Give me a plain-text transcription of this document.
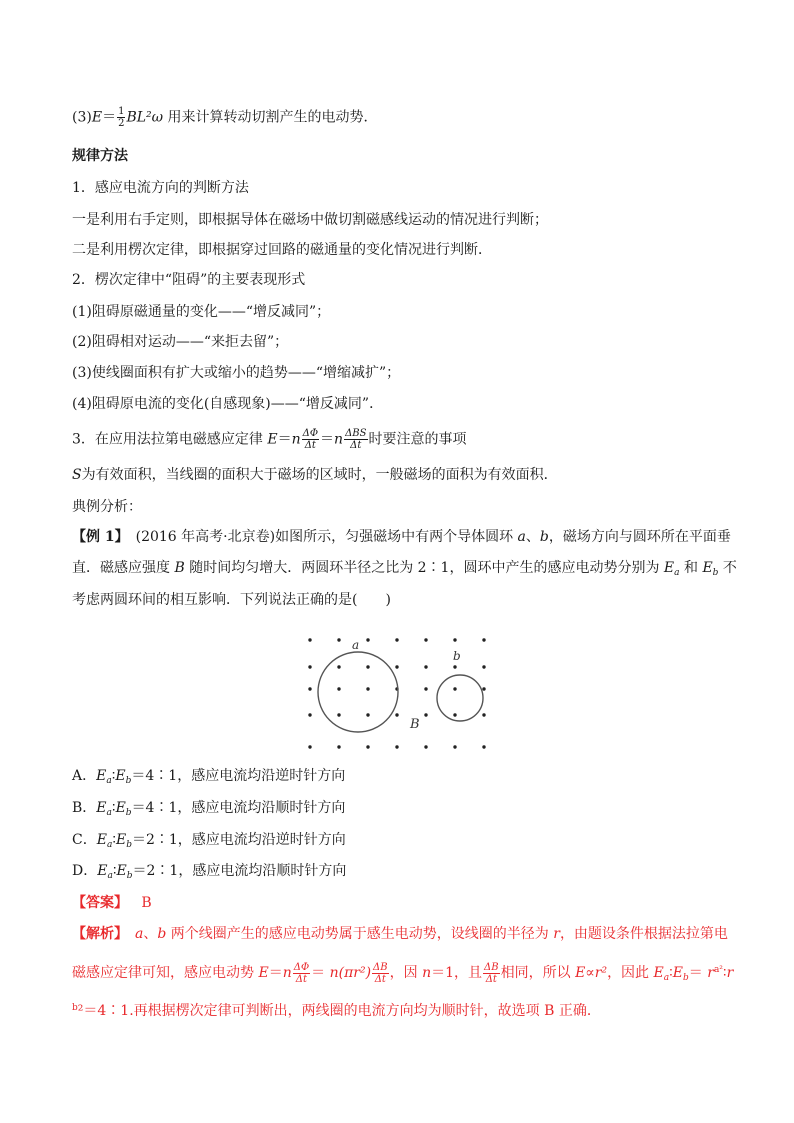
$(3)E= \frac{1}{2} BL^2\omega$ 用来计算转动切割产生的电动势．
规律方法
1．感应电流方向的判断方法
一是利用右手定则，即根据导体在磁场中做切割磁感线运动的情况进行判断；
二是利用楞次定律，即根据穿过回路的磁通量的变化情况进行判断．
2．楞次定律中“阻碍”的主要表现形式
(1)阻碍原磁通量的变化——“增反减同”；
(2)阻碍相对运动——“来拒去留”；
(3)使线圈面积有扩大或缩小的趋势——“增缩减扩”；
(4)阻碍原电流的变化(自感现象)——“增反减同”．
3．在应用法拉第电磁感应定律 $E=n \frac{\Delta\Phi}{\Delta t} =n \frac{\text{ΔBS}}{\Delta t}$ 时要注意的事项
S为有效面积，当线圈的面积大于磁场的区域时，一般磁场的面积为有效面积．
典例分析：
【例 1】　(2016 年高考·北京卷)如图所示，匀强磁场中有两个导体圆环 a、b，磁场方向与圆环所在平面垂
直．磁感应强度 B 随时间均匀增大．两圆环半径之比为 2∶1，圆环中产生的感应电动势分别为 $E_a$ 和 $E_b$ 不
考虑两圆环间的相互影响．下列说法正确的是(　　)
a
b
B
A．$E_a∶E_b=4∶1$，感应电流均沿逆时针方向
B．$E_a∶E_b=4∶1$，感应电流均沿顺时针方向
C．$E_a∶E_b=2∶1$，感应电流均沿逆时针方向
D．$E_a∶E_b=2∶1$，感应电流均沿顺时针方向
【答案】 B
【解析】　 a、b 两个线圈产生的感应电动势属于感生电动势，设线圈的半径为 r，由题设条件根据法拉第电
磁感应定律可知，感应电动势 $E=n \frac{\Delta\Phi}{\Delta t} = n(\pi r^2) \frac{\Delta B}{\Delta t}$ ，因 n＝1，且 $\frac{\Delta B}{\Delta t}$ 相同，所以 E∝r²，因此 $E_a∶E_b=$ $r^{a^2}∶r$
$^b$²＝4∶1.再根据楞次定律可判断出，两线圈的电流方向均为顺时针，故选项 B 正确．
